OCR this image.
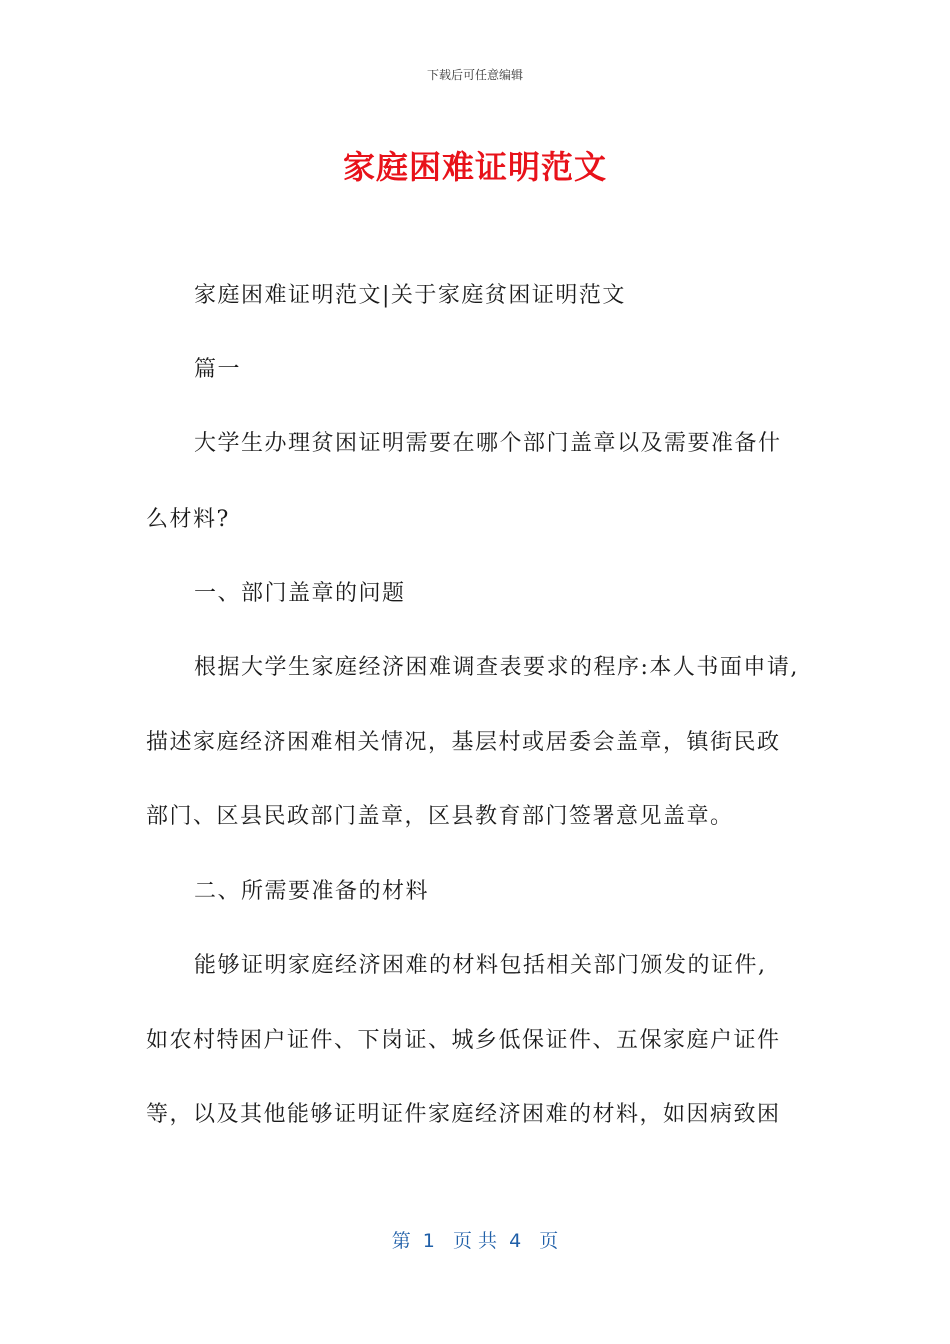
下载后可任意编辑
家庭困难证明范文
家庭困难证明范文|关于家庭贫困证明范文
篇一
大学生办理贫困证明需要在哪个部门盖章以及需要准备什
么材料?
一、部门盖章的问题
根据大学生家庭经济困难调查表要求的程序:本人书面申请,
描述家庭经济困难相关情况，基层村或居委会盖章，镇街民政
部门、区县民政部门盖章，区县教育部门签署意见盖章。
二、所需要准备的材料
能够证明家庭经济困难的材料包括相关部门颁发的证件,
如农村特困户证件、下岗证、城乡低保证件、五保家庭户证件
等，以及其他能够证明证件家庭经济困难的材料，如因病致困
第  1   页 共  4   页
